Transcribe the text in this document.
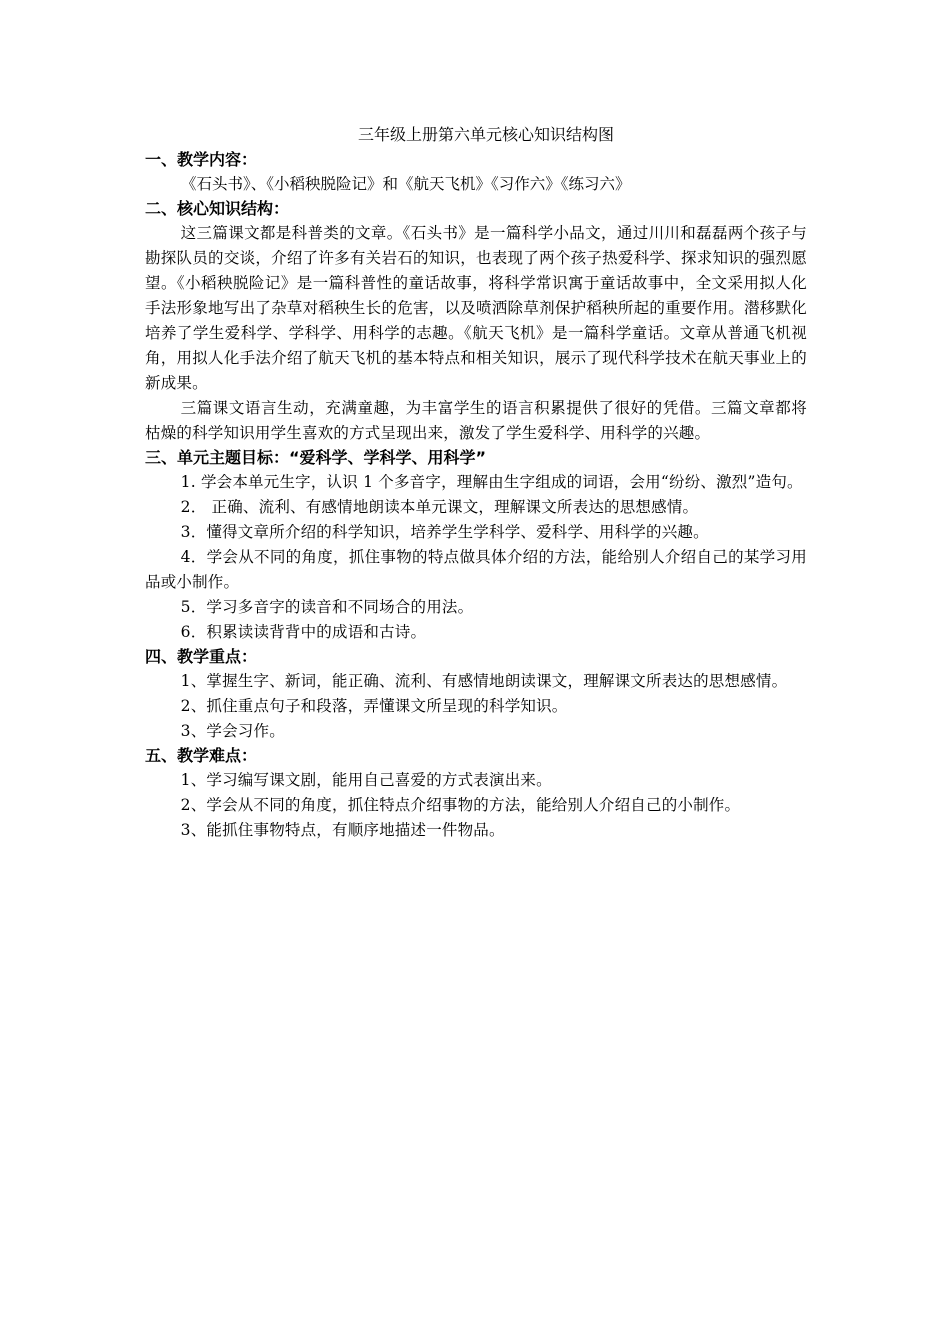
三年级上册第六单元核心知识结构图

一、教学内容：

《石头书》、《小稻秧脱险记》和《航天飞机》《习作六》《练习六》

二、核心知识结构：

这三篇课文都是科普类的文章。《石头书》是一篇科学小品文，通过川川和磊磊两个孩子与勘探队员的交谈，介绍了许多有关岩石的知识，也表现了两个孩子热爱科学、探求知识的强烈愿望。《小稻秧脱险记》是一篇科普性的童话故事，将科学常识寓于童话故事中，全文采用拟人化手法形象地写出了杂草对稻秧生长的危害，以及喷洒除草剂保护稻秧所起的重要作用。潜移默化培养了学生爱科学、学科学、用科学的志趣。《航天飞机》是一篇科学童话。文章从普通飞机视角，用拟人化手法介绍了航天飞机的基本特点和相关知识，展示了现代科学技术在航天事业上的新成果。

三篇课文语言生动，充满童趣，为丰富学生的语言积累提供了很好的凭借。三篇文章都将枯燥的科学知识用学生喜欢的方式呈现出来，激发了学生爱科学、用科学的兴趣。

三、单元主题目标：“爱科学、学科学、用科学”

1. 学会本单元生字，认识 1 个多音字，理解由生字组成的词语，会用“纷纷、激烈”造句。

2． 正确、流利、有感情地朗读本单元课文，理解课文所表达的思想感情。

3．懂得文章所介绍的科学知识，培养学生学科学、爱科学、用科学的兴趣。

4．学会从不同的角度，抓住事物的特点做具体介绍的方法，能给别人介绍自己的某学习用品或小制作。

5．学习多音字的读音和不同场合的用法。

6．积累读读背背中的成语和古诗。

四、教学重点：

1、掌握生字、新词，能正确、流利、有感情地朗读课文，理解课文所表达的思想感情。

2、抓住重点句子和段落，弄懂课文所呈现的科学知识。

3、学会习作。

五、教学难点：

1、学习编写课文剧，能用自己喜爱的方式表演出来。

2、学会从不同的角度，抓住特点介绍事物的方法，能给别人介绍自己的小制作。

3、能抓住事物特点，有顺序地描述一件物品。
